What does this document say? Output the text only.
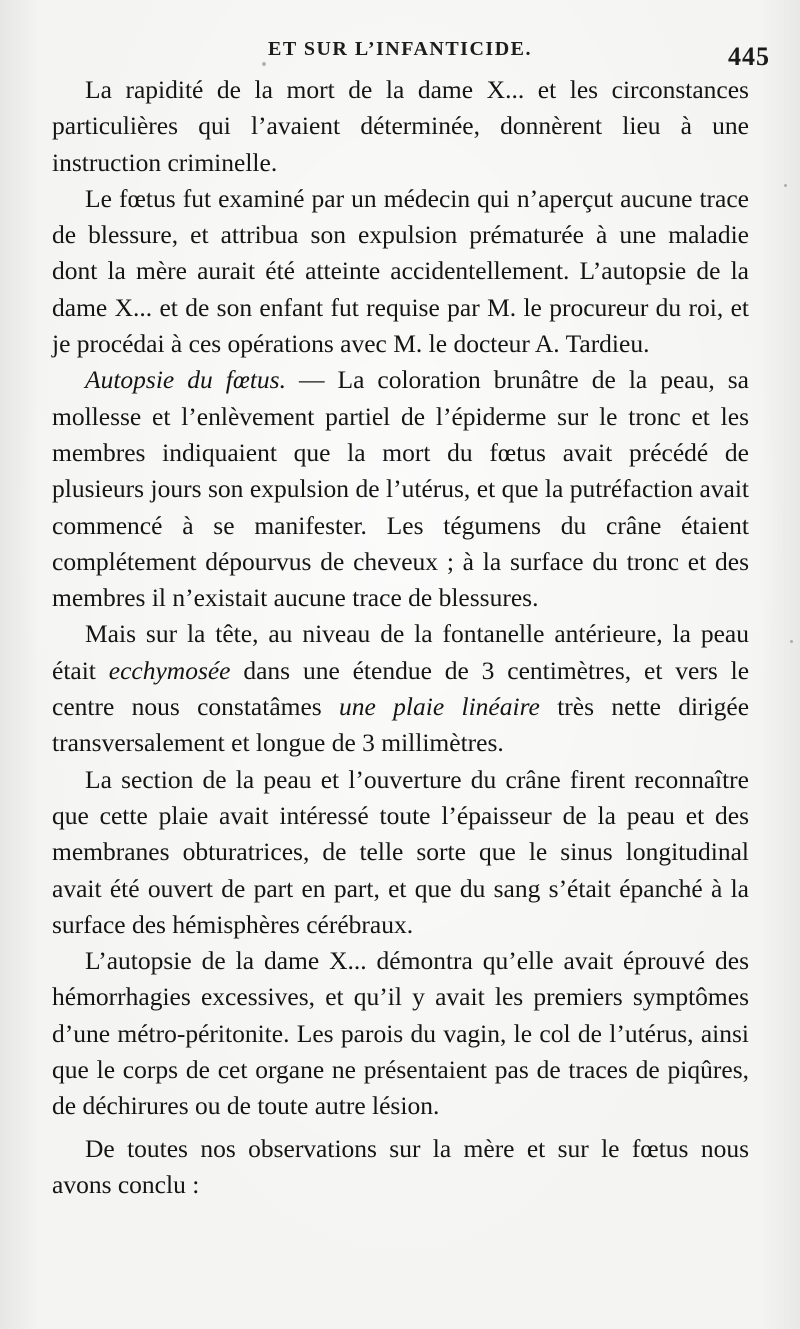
ET SUR L’INFANTICIDE.	445

La rapidité de la mort de la dame X... et les circonstances particulières qui l’avaient déterminée, donnèrent lieu à une instruction criminelle.

Le fœtus fut examiné par un médecin qui n’aperçut aucune trace de blessure, et attribua son expulsion prématurée à une maladie dont la mère aurait été atteinte accidentellement. L’autopsie de la dame X... et de son enfant fut requise par M. le procureur du roi, et je procédai à ces opérations avec M. le docteur A. Tardieu.

Autopsie du fœtus. — La coloration brunâtre de la peau, sa mollesse et l’enlèvement partiel de l’épiderme sur le tronc et les membres indiquaient que la mort du fœtus avait précédé de plusieurs jours son expulsion de l’utérus, et que la putréfaction avait commencé à se manifester. Les tégumens du crâne étaient complétement dépourvus de cheveux ; à la surface du tronc et des membres il n’existait aucune trace de blessures.

Mais sur la tête, au niveau de la fontanelle antérieure, la peau était ecchymosée dans une étendue de 3 centimètres, et vers le centre nous constatâmes une plaie linéaire très nette dirigée transversalement et longue de 3 millimètres.

La section de la peau et l’ouverture du crâne firent reconnaître que cette plaie avait intéressé toute l’épaisseur de la peau et des membranes obturatrices, de telle sorte que le sinus longitudinal avait été ouvert de part en part, et que du sang s’était épanché à la surface des hémisphères cérébraux.

L’autopsie de la dame X... démontra qu’elle avait éprouvé des hémorrhagies excessives, et qu’il y avait les premiers symptômes d’une métro-péritonite. Les parois du vagin, le col de l’utérus, ainsi que le corps de cet organe ne présentaient pas de traces de piqûres, de déchirures ou de toute autre lésion.

De toutes nos observations sur la mère et sur le fœtus nous avons conclu :
